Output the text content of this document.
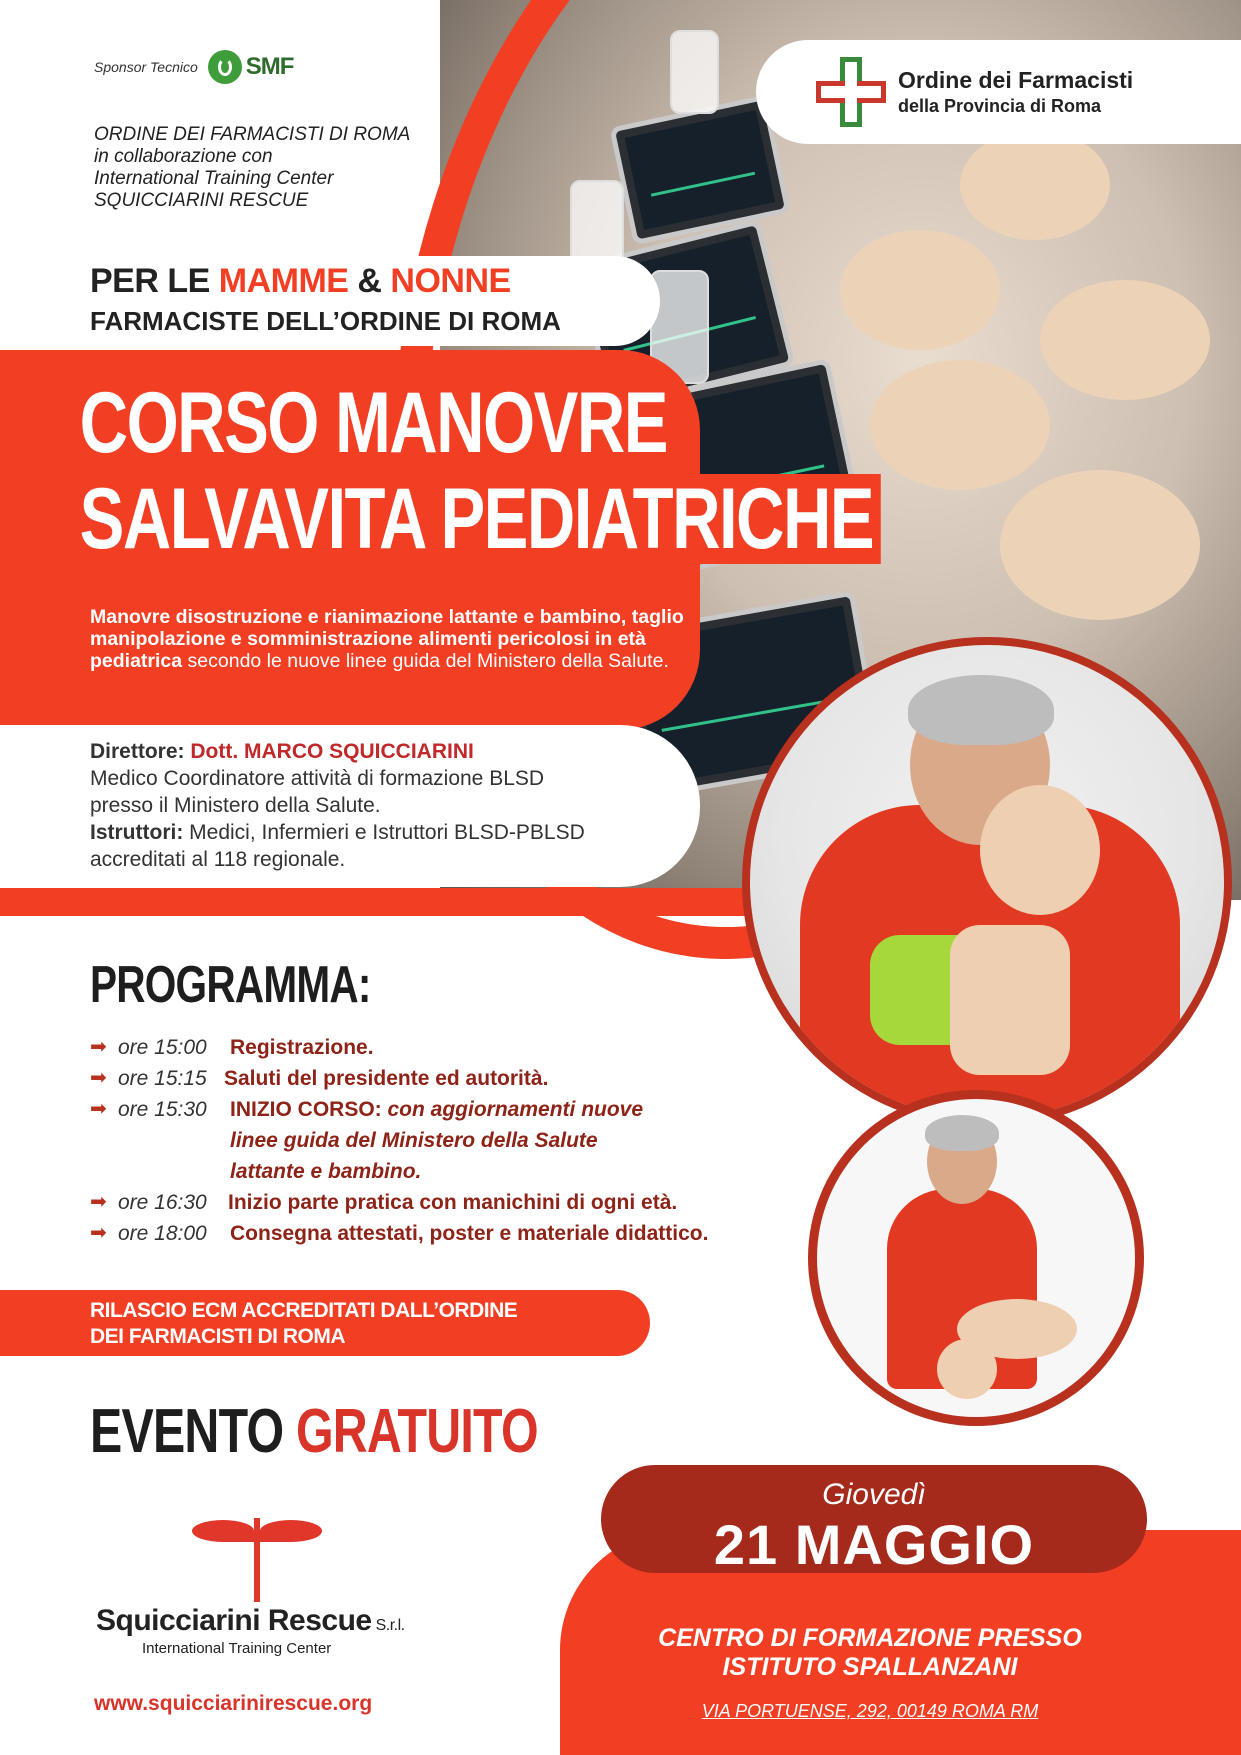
Sponsor Tecnico SMF
ORDINE DEI FARMACISTI DI ROMA
in collaborazione con
International Training Center
SQUICCIARINI RESCUE
Ordine dei Farmacisti
della Provincia di Roma
PER LE MAMME & NONNE
FARMACISTE DELL’ORDINE DI ROMA
CORSO MANOVRE
SALVAVITA PEDIATRICHE
Manovre disostruzione e rianimazione lattante e bambino, taglio manipolazione e somministrazione alimenti pericolosi in età pediatrica secondo le nuove linee guida del Ministero della Salute.
Direttore: Dott. MARCO SQUICCIARINI
Medico Coordinatore attività di formazione BLSD
presso il Ministero della Salute.
Istruttori: Medici, Infermieri e Istruttori BLSD-PBLSD
accreditati al 118 regionale.
PROGRAMMA:
➡ ore 15:00	Registrazione.
➡ ore 15:15 Saluti del presidente ed autorità.
➡ ore 15:30	INIZIO CORSO: con aggiornamenti nuove
linee guida del Ministero della Salute
lattante e bambino.
➡ ore 16:30	Inizio parte pratica con manichini di ogni età.
➡ ore 18:00	Consegna attestati, poster e materiale didattico.
RILASCIO ECM ACCREDITATI DALL’ORDINE
DEI FARMACISTI DI ROMA
EVENTO GRATUITO
Squicciarini Rescue S.r.l.
International Training Center
www.squicciarinirescue.org
Giovedì
21 MAGGIO
CENTRO DI FORMAZIONE PRESSO
ISTITUTO SPALLANZANI
VIA PORTUENSE, 292, 00149 ROMA RM
